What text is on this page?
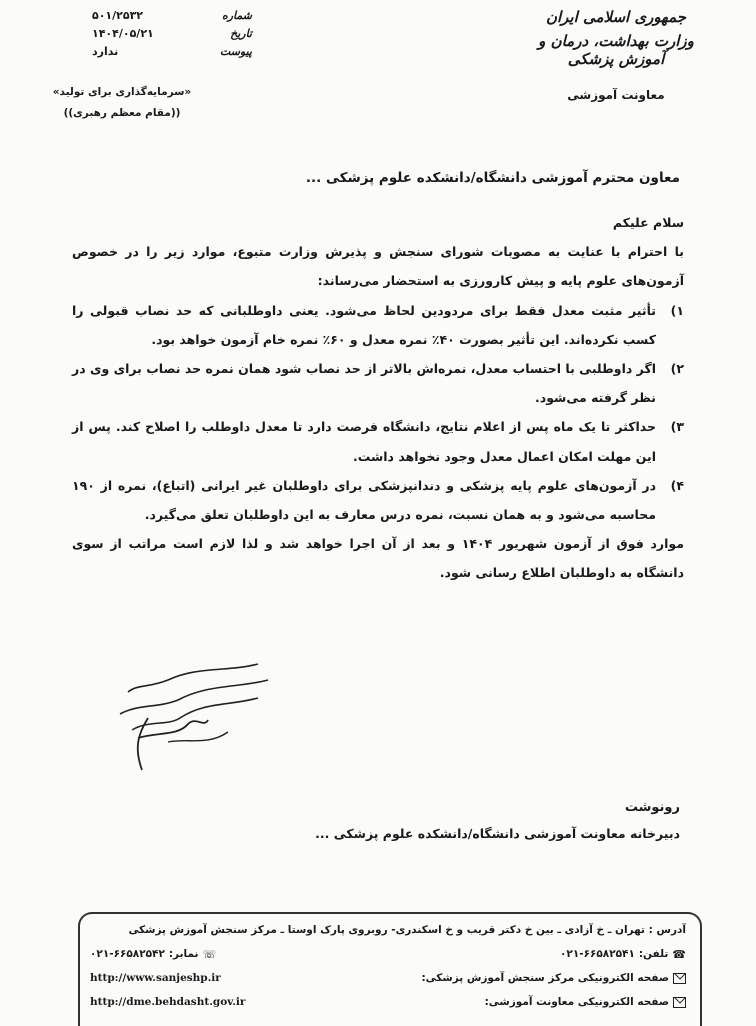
جمهوری اسلامی ایران
وزارت بهداشت، درمان و آموزش پزشکی
معاونت آموزشی
شماره
۵۰۱/۲۵۳۲
تاریخ
۱۴۰۴/۰۵/۲۱
پیوست
ندارد
«سرمایه‌گذاری برای تولید»
((مقام معظم رهبری))
معاون محترم آموزشی دانشگاه/دانشکده علوم پزشکی ...

سلام علیکم

با احترام با عنایت به مصوبات شورای سنجش و پذیرش وزارت متبوع، موارد زیر را در خصوص آزمون‌های علوم پایه و پیش کارورزی به استحضار می‌رساند:

۱)
تأثیر مثبت معدل فقط برای مردودین لحاظ می‌شود. یعنی داوطلبانی که حد نصاب قبولی را کسب نکرده‌اند. این تأثیر بصورت ۴۰٪ نمره معدل و ۶۰٪ نمره خام آزمون خواهد بود.
۲)
اگر داوطلبی با احتساب معدل، نمره‌اش بالاتر از حد نصاب شود همان نمره حد نصاب برای وی در نظر گرفته می‌شود.
۳)
حداکثر تا یک ماه پس از اعلام نتایج، دانشگاه فرصت دارد تا معدل داوطلب را اصلاح کند. پس از این مهلت امکان اعمال معدل وجود نخواهد داشت.
۴)
در آزمون‌های علوم پایه پزشکی و دندانپزشکی برای داوطلبان غیر ایرانی (اتباع)، نمره از ۱۹۰ محاسبه می‌شود و به همان نسبت، نمره درس معارف به این داوطلبان تعلق می‌گیرد.

موارد فوق از آزمون شهریور ۱۴۰۴ و بعد از آن اجرا خواهد شد و لذا لازم است مراتب از سوی دانشگاه به داوطلبان اطلاع رسانی شود.

رونوشت
دبیرخانه معاونت آموزشی دانشگاه/دانشکده علوم پزشکی ...
آدرس : تهران ـ خ آزادی ـ بین خ دکتر قریب و خ اسکندری- روبروی پارک اوستا ـ مرکز سنجش آموزش پزشکی
☎
تلفن:
۰۲۱-۶۶۵۸۲۵۴۱
☏
نمابر:
۰۲۱-۶۶۵۸۲۵۴۲
صفحه الکترونیکی مرکز سنجش آموزش پزشکی:
http://www.sanjeshp.ir
صفحه الکترونیکی معاونت آموزشی:
http://dme.behdasht.gov.ir
